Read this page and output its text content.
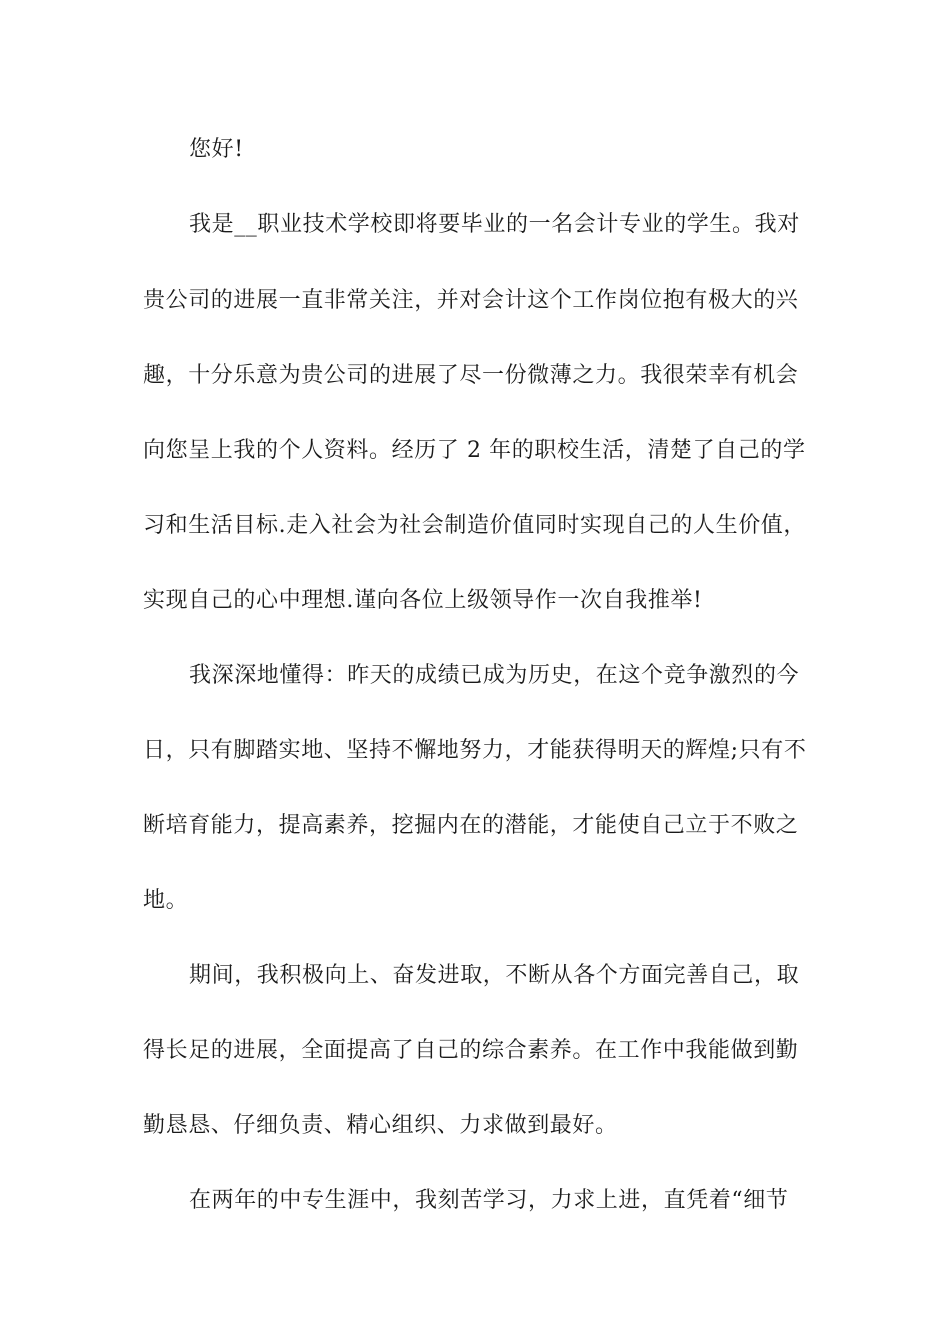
您好!

我是__职业技术学校即将要毕业的一名会计专业的学生。我对

贵公司的进展一直非常关注，并对会计这个工作岗位抱有极大的兴

趣，十分乐意为贵公司的进展了尽一份微薄之力。我很荣幸有机会

向您呈上我的个人资料。经历了 2 年的职校生活，清楚了自己的学

习和生活目标.走入社会为社会制造价值同时实现自己的人生价值，

实现自己的心中理想.谨向各位上级领导作一次自我推举!

我深深地懂得：昨天的成绩已成为历史，在这个竞争激烈的今

日，只有脚踏实地、坚持不懈地努力，才能获得明天的辉煌;只有不

断培育能力，提高素养，挖掘内在的潜能，才能使自己立于不败之

地。

期间，我积极向上、奋发进取，不断从各个方面完善自己，取

得长足的进展，全面提高了自己的综合素养。在工作中我能做到勤

勤恳恳、仔细负责、精心组织、力求做到最好。

在两年的中专生涯中，我刻苦学习，力求上进，直凭着“细节
